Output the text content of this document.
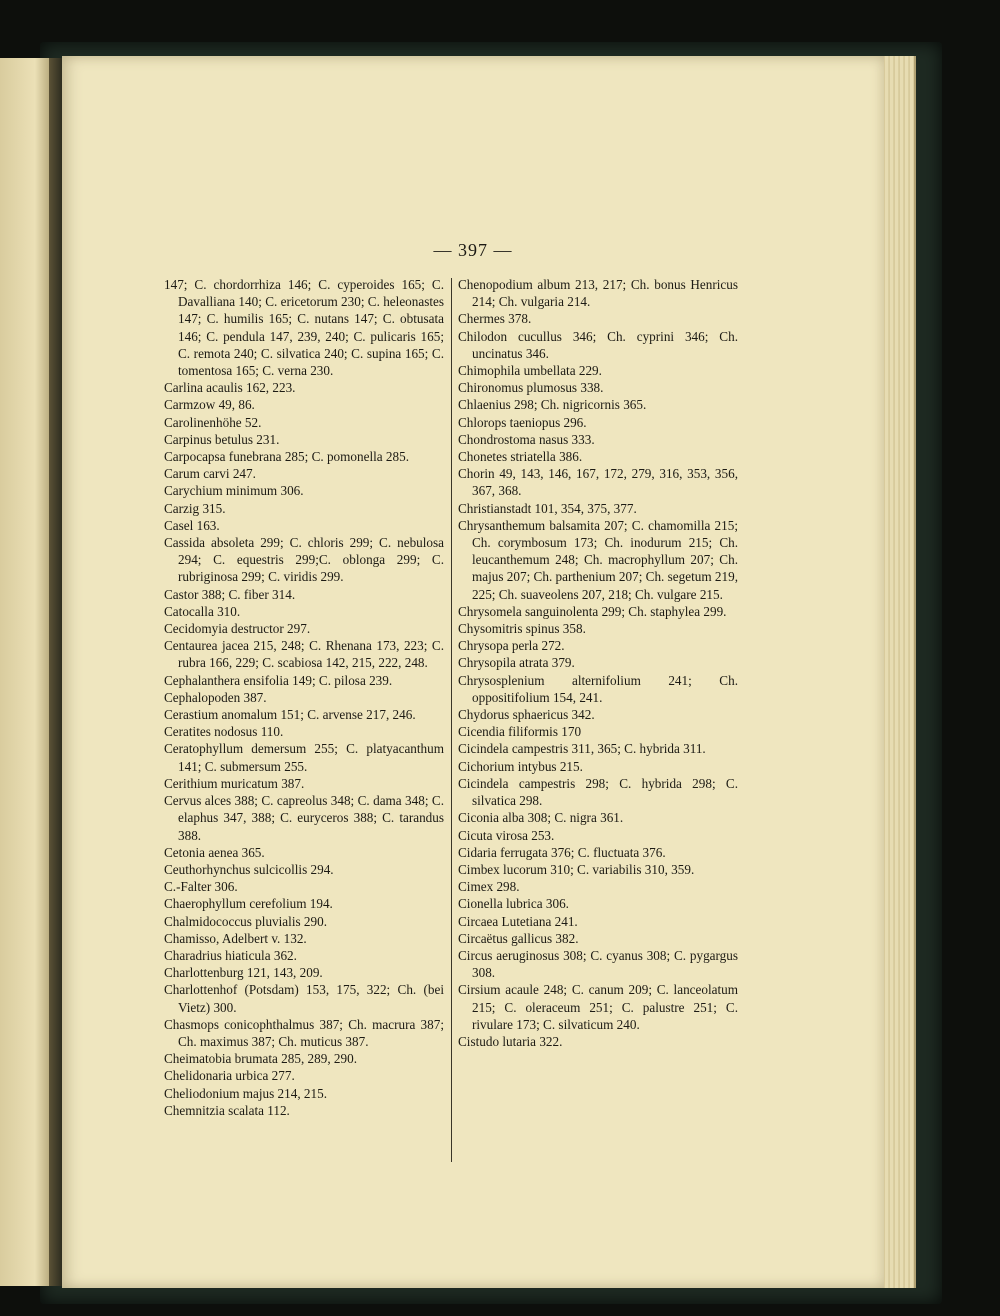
— 397 —

147; C. chordorrhiza 146; C. cyperoides 165; C. Davalliana 140; C. ericetorum 230; C. heleonastes 147; C. humilis 165; C. nutans 147; C. obtusata 146; C. pendula 147, 239, 240; C. pulicaris 165; C. remota 240; C. silvatica 240; C. supina 165; C. tomentosa 165; C. verna 230.

Carlina acaulis 162, 223.

Carmzow 49, 86.

Carolinenhöhe 52.

Carpinus betulus 231.

Carpocapsa funebrana 285; C. pomonella 285.

Carum carvi 247.

Carychium minimum 306.

Carzig 315.

Casel 163.

Cassida absoleta 299; C. chloris 299; C. nebulosa 294; C. equestris 299;C. oblonga 299; C. rubriginosa 299; C. viridis 299.

Castor 388; C. fiber 314.

Catocalla 310.

Cecidomyia destructor 297.

Centaurea jacea 215, 248; C. Rhenana 173, 223; C. rubra 166, 229; C. scabiosa 142, 215, 222, 248.

Cephalanthera ensifolia 149; C. pilosa 239.

Cephalopoden 387.

Cerastium anomalum 151; C. arvense 217, 246.

Ceratites nodosus 110.

Ceratophyllum demersum 255; C. platyacanthum 141; C. submersum 255.

Cerithium muricatum 387.

Cervus alces 388; C. capreolus 348; C. dama 348; C. elaphus 347, 388; C. euryceros 388; C. tarandus 388.

Cetonia aenea 365.

Ceuthorhynchus sulcicollis 294.

C.-Falter 306.

Chaerophyllum cerefolium 194.

Chalmidococcus pluvialis 290.

Chamisso, Adelbert v. 132.

Charadrius hiaticula 362.

Charlottenburg 121, 143, 209.

Charlottenhof (Potsdam) 153, 175, 322; Ch. (bei Vietz) 300.

Chasmops conicophthalmus 387; Ch. macrura 387; Ch. maximus 387; Ch. muticus 387.

Cheimatobia brumata 285, 289, 290.

Chelidonaria urbica 277.

Cheliodonium majus 214, 215.

Chemnitzia scalata 112.

Chenopodium album 213, 217; Ch. bonus Henricus 214; Ch. vulgaria 214.

Chermes 378.

Chilodon cucullus 346; Ch. cyprini 346; Ch. uncinatus 346.

Chimophila umbellata 229.

Chironomus plumosus 338.

Chlaenius 298; Ch. nigricornis 365.

Chlorops taeniopus 296.

Chondrostoma nasus 333.

Chonetes striatella 386.

Chorin 49, 143, 146, 167, 172, 279, 316, 353, 356, 367, 368.

Christianstadt 101, 354, 375, 377.

Chrysanthemum balsamita 207; C. chamomilla 215; Ch. corymbosum 173; Ch. inodurum 215; Ch. leucanthemum 248; Ch. macrophyllum 207; Ch. majus 207; Ch. parthenium 207; Ch. segetum 219, 225; Ch. suaveolens 207, 218; Ch. vulgare 215.

Chrysomela sanguinolenta 299; Ch. staphylea 299.

Chysomitris spinus 358.

Chrysopa perla 272.

Chrysopila atrata 379.

Chrysosplenium alternifolium 241; Ch. oppositifolium 154, 241.

Chydorus sphaericus 342.

Cicendia filiformis 170

Cicindela campestris 311, 365; C. hybrida 311.

Cichorium intybus 215.

Cicindela campestris 298; C. hybrida 298; C. silvatica 298.

Ciconia alba 308; C. nigra 361.

Cicuta virosa 253.

Cidaria ferrugata 376; C. fluctuata 376.

Cimbex lucorum 310; C. variabilis 310, 359.

Cimex 298.

Cionella lubrica 306.

Circaea Lutetiana 241.

Circaëtus gallicus 382.

Circus aeruginosus 308; C. cyanus 308; C. pygargus 308.

Cirsium acaule 248; C. canum 209; C. lanceolatum 215; C. oleraceum 251; C. palustre 251; C. rivulare 173; C. silvaticum 240.

Cistudo lutaria 322.
